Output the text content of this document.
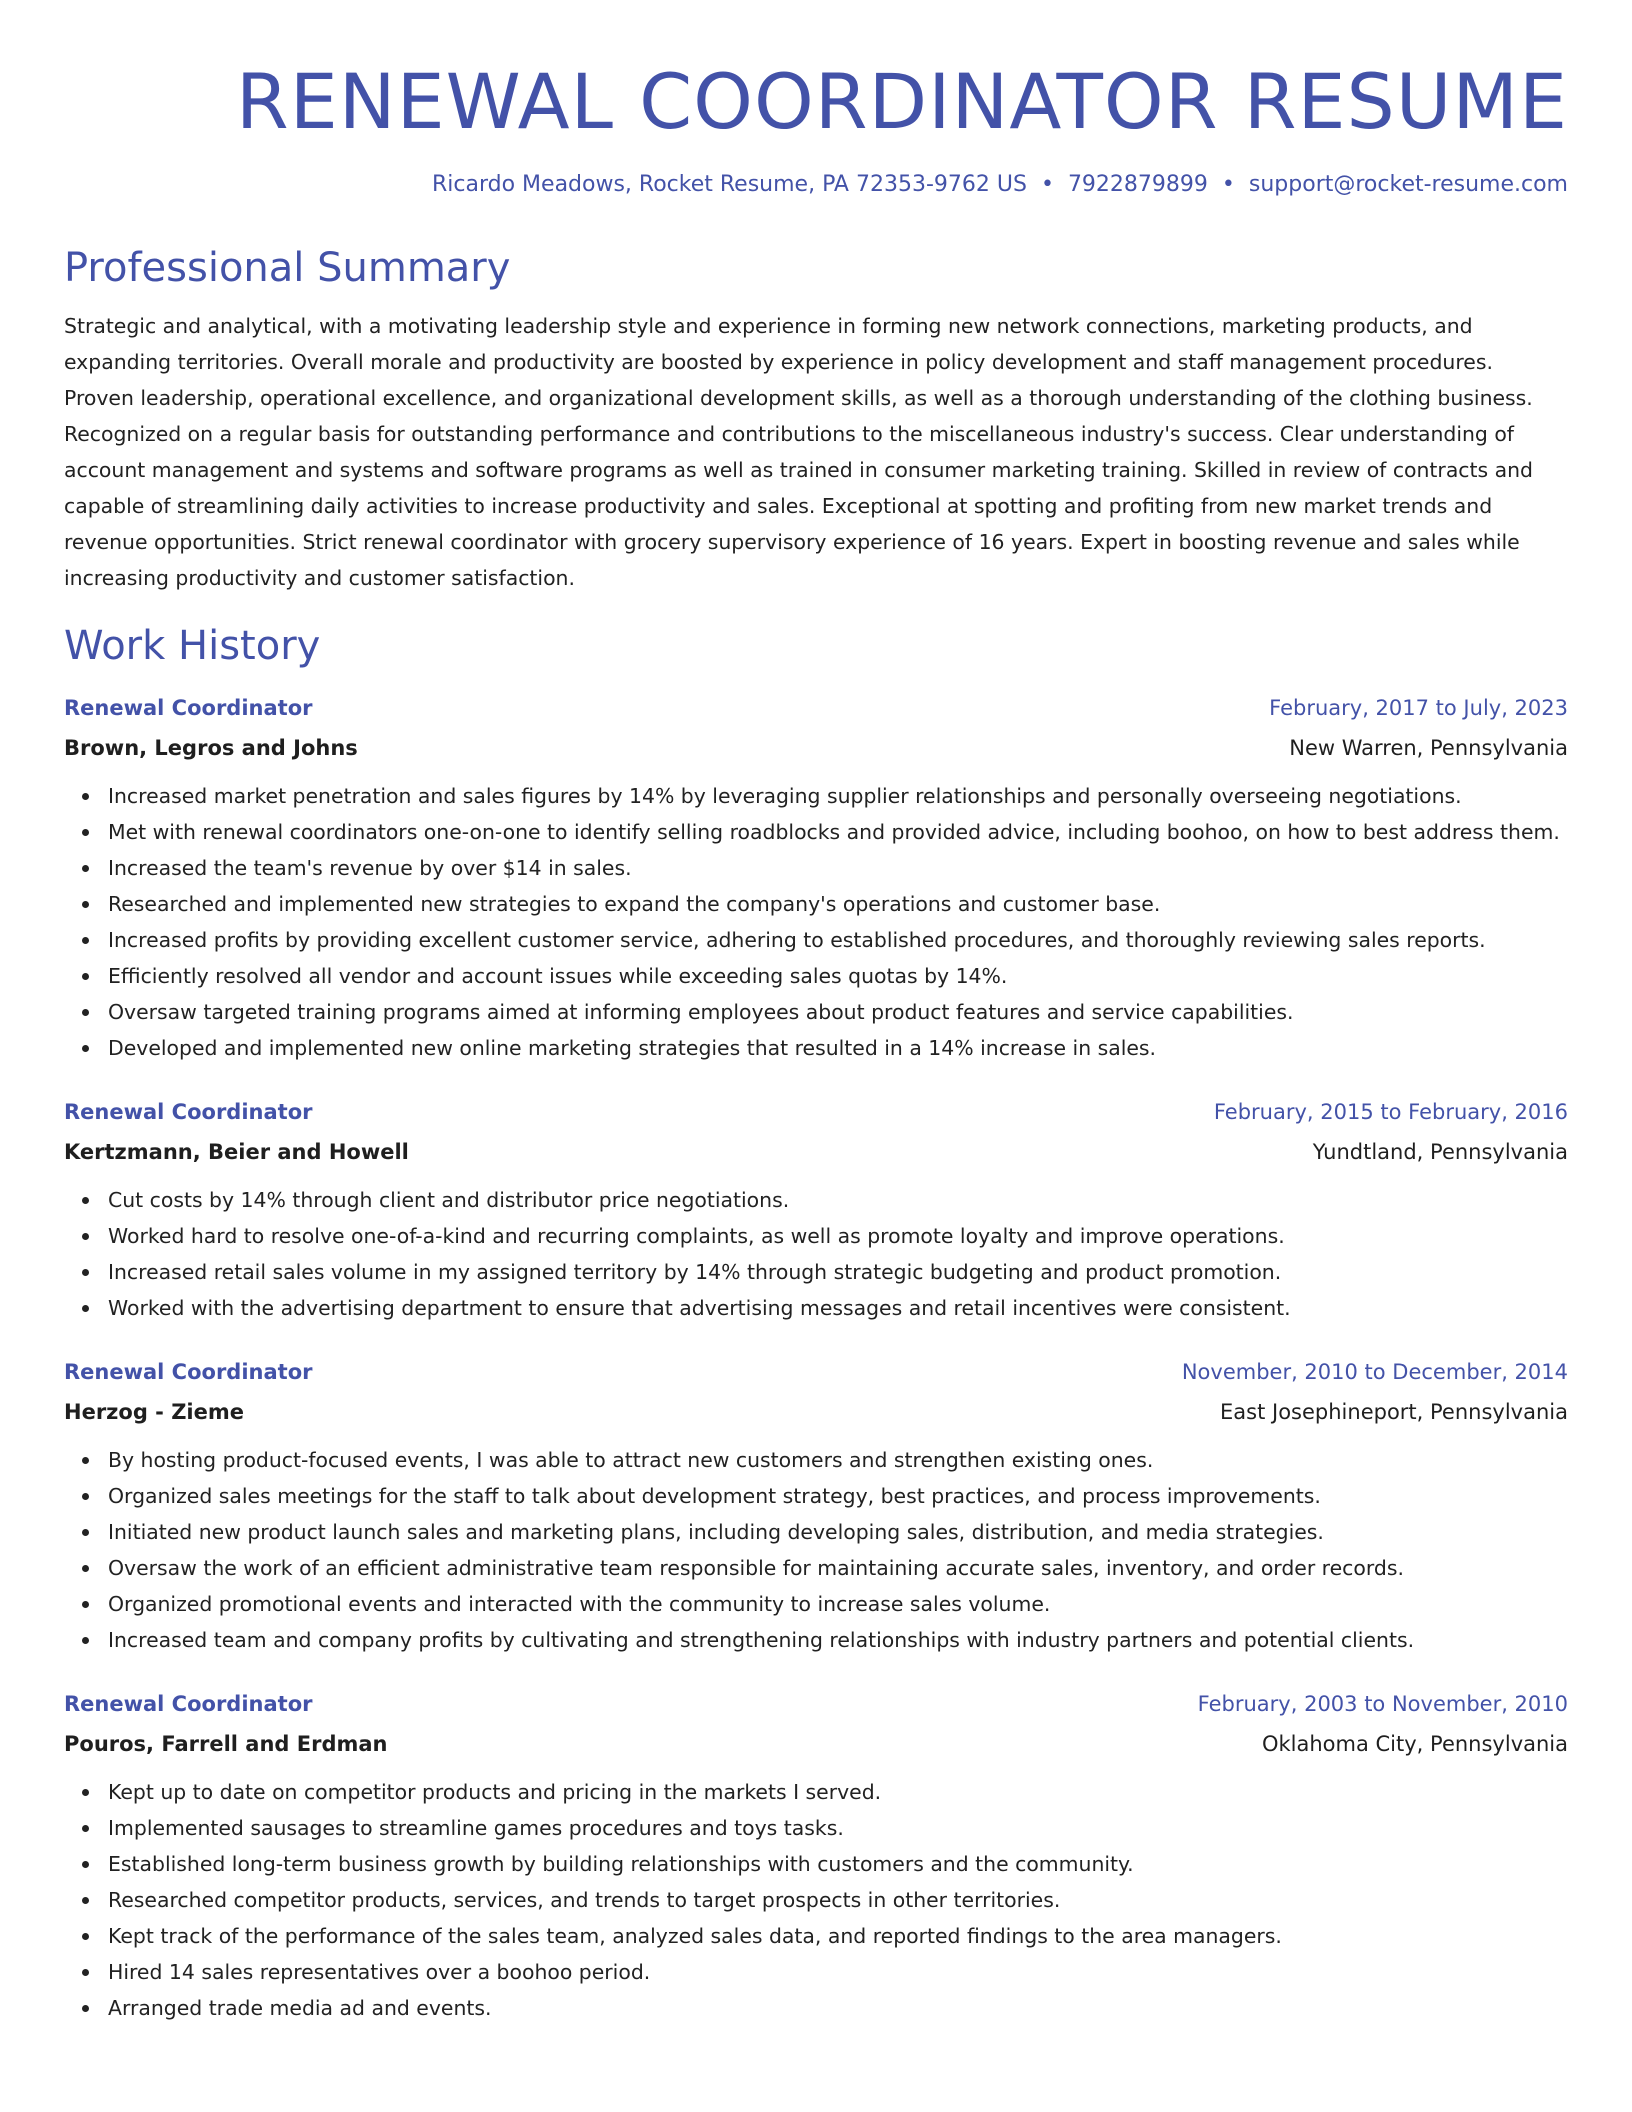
RENEWAL COORDINATOR RESUME
Ricardo Meadows, Rocket Resume, PA 72353-9762 US • 7922879899 • support@rocket-resume.com
Professional Summary

Strategic and analytical, with a motivating leadership style and experience in forming new network connections, marketing products, and expanding territories. Overall morale and productivity are boosted by experience in policy development and staff management procedures. Proven leadership, operational excellence, and organizational development skills, as well as a thorough understanding of the clothing business. Recognized on a regular basis for outstanding performance and contributions to the miscellaneous industry's success. Clear understanding of account management and systems and software programs as well as trained in consumer marketing training. Skilled in review of contracts and capable of streamlining daily activities to increase productivity and sales. Exceptional at spotting and profiting from new market trends and revenue opportunities. Strict renewal coordinator with grocery supervisory experience of 16 years. Expert in boosting revenue and sales while increasing productivity and customer satisfaction.

Work History
Renewal Coordinator	February, 2017 to July, 2023
Brown, Legros and Johns	New Warren, Pennsylvania
Increased market penetration and sales figures by 14% by leveraging supplier relationships and personally overseeing negotiations.
Met with renewal coordinators one-on-one to identify selling roadblocks and provided advice, including boohoo, on how to best address them.
Increased the team's revenue by over $14 in sales.
Researched and implemented new strategies to expand the company's operations and customer base.
Increased profits by providing excellent customer service, adhering to established procedures, and thoroughly reviewing sales reports.
Efficiently resolved all vendor and account issues while exceeding sales quotas by 14%.
Oversaw targeted training programs aimed at informing employees about product features and service capabilities.
Developed and implemented new online marketing strategies that resulted in a 14% increase in sales.
Renewal Coordinator	February, 2015 to February, 2016
Kertzmann, Beier and Howell	Yundtland, Pennsylvania
Cut costs by 14% through client and distributor price negotiations.
Worked hard to resolve one-of-a-kind and recurring complaints, as well as promote loyalty and improve operations.
Increased retail sales volume in my assigned territory by 14% through strategic budgeting and product promotion.
Worked with the advertising department to ensure that advertising messages and retail incentives were consistent.
Renewal Coordinator	November, 2010 to December, 2014
Herzog - Zieme	East Josephineport, Pennsylvania
By hosting product-focused events, I was able to attract new customers and strengthen existing ones.
Organized sales meetings for the staff to talk about development strategy, best practices, and process improvements.
Initiated new product launch sales and marketing plans, including developing sales, distribution, and media strategies.
Oversaw the work of an efficient administrative team responsible for maintaining accurate sales, inventory, and order records.
Organized promotional events and interacted with the community to increase sales volume.
Increased team and company profits by cultivating and strengthening relationships with industry partners and potential clients.
Renewal Coordinator	February, 2003 to November, 2010
Pouros, Farrell and Erdman	Oklahoma City, Pennsylvania
Kept up to date on competitor products and pricing in the markets I served.
Implemented sausages to streamline games procedures and toys tasks.
Established long-term business growth by building relationships with customers and the community.
Researched competitor products, services, and trends to target prospects in other territories.
Kept track of the performance of the sales team, analyzed sales data, and reported findings to the area managers.
Hired 14 sales representatives over a boohoo period.
Arranged trade media ad and events.
